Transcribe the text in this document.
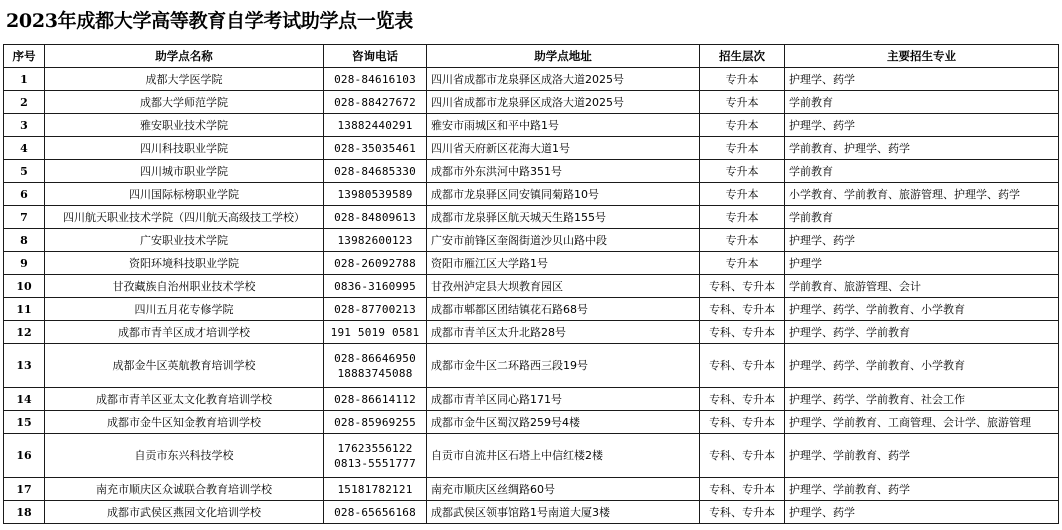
2023年成都大学高等教育自学考试助学点一览表
序号	助学点名称	咨询电话	助学点地址	招生层次	主要招生专业
1	成都大学医学院	028-84616103	四川省成都市龙泉驿区成洛大道2025号	专升本	护理学、药学
2	成都大学师范学院	028-88427672	四川省成都市龙泉驿区成洛大道2025号	专升本	学前教育
3	雅安职业技术学院	13882440291	雅安市雨城区和平中路1号	专升本	护理学、药学
4	四川科技职业学院	028-35035461	四川省天府新区花海大道1号	专升本	学前教育、护理学、药学
5	四川城市职业学院	028-84685330	成都市外东洪河中路351号	专升本	学前教育
6	四川国际标榜职业学院	13980539589	成都市龙泉驿区同安镇同菊路10号	专升本	小学教育、学前教育、旅游管理、护理学、药学
7	四川航天职业技术学院（四川航天高级技工学校）	028-84809613	成都市龙泉驿区航天城天生路155号	专升本	学前教育
8	广安职业技术学院	13982600123	广安市前锋区奎阁街道沙贝山路中段	专升本	护理学、药学
9	资阳环境科技职业学院	028-26092788	资阳市雁江区大学路1号	专升本	护理学
10	甘孜藏族自治州职业技术学校	0836-3160995	甘孜州泸定县大坝教育园区	专科、专升本	学前教育、旅游管理、会计
11	四川五月花专修学院	028-87700213	成都市郫都区团结镇花石路68号	专科、专升本	护理学、药学、学前教育、小学教育
12	成都市青羊区成才培训学校	191 5019 0581	成都市青羊区太升北路28号	专科、专升本	护理学、药学、学前教育
13	成都金牛区英航教育培训学校	028-86646950
18883745088	成都市金牛区二环路西三段19号	专科、专升本	护理学、药学、学前教育、小学教育
14	成都市青羊区亚太文化教育培训学校	028-86614112	成都市青羊区同心路171号	专科、专升本	护理学、药学、学前教育、社会工作
15	成都市金牛区知金教育培训学校	028-85969255	成都市金牛区蜀汉路259号4楼	专科、专升本	护理学、学前教育、工商管理、会计学、旅游管理
16	自贡市东兴科技学校	17623556122
0813-5551777	自贡市自流井区石塔上中信红楼2楼	专科、专升本	护理学、学前教育、药学
17	南充市顺庆区众诚联合教育培训学校	15181782121	南充市顺庆区丝绸路60号	专科、专升本	护理学、学前教育、药学
18	成都市武侯区燕园文化培训学校	028-65656168	成都武侯区领事馆路1号南道大厦3楼	专科、专升本	护理学、药学
